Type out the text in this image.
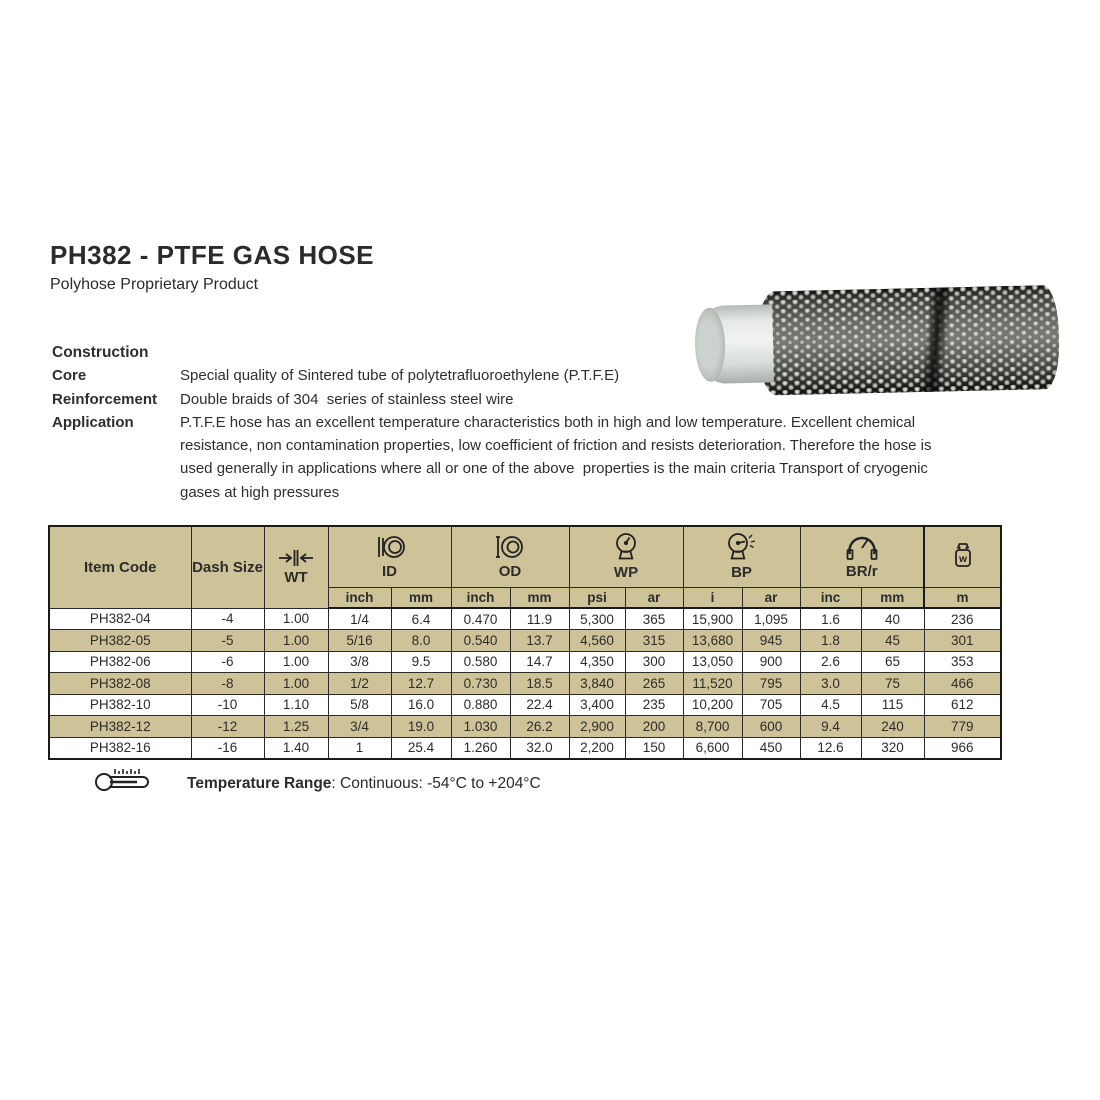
PH382 - PTFE GAS HOSE
Polyhose Proprietary Product
Construction
Core	Special quality of Sintered tube of polytetrafluoroethylene (P.T.F.E)
Reinforcement	Double braids of 304  series of stainless steel wire
Application	P.T.F.E hose has an excellent temperature characteristics both in high and low temperature. Excellent chemical resistance, non contamination properties, low coefficient of friction and resists deterioration. Therefore the hose is used generally in applications where all or one of the above  properties is the main criteria Transport of cryogenic gases at high pressures
Item Code	Dash Size	WT	ID		OD		WP		BP		BR/r		w

			inch	mm	inch	mm	psi	ar	i	ar	inc	mm	m
PH382-04	-4	1.00	1/4	6.4	0.470	11.9	5,300	365	15,900	1,095	1.6	40	236
PH382-05	-5	1.00	5/16	8.0	0.540	13.7	4,560	315	13,680	945	1.8	45	301
PH382-06	-6	1.00	3/8	9.5	0.580	14.7	4,350	300	13,050	900	2.6	65	353
PH382-08	-8	1.00	1/2	12.7	0.730	18.5	3,840	265	11,520	795	3.0	75	466
PH382-10	-10	1.10	5/8	16.0	0.880	22.4	3,400	235	10,200	705	4.5	115	612
PH382-12	-12	1.25	3/4	19.0	1.030	26.2	2,900	200	8,700	600	9.4	240	779
PH382-16	-16	1.40	1	25.4	1.260	32.0	2,200	150	6,600	450	12.6	320	966
Temperature Range: Continuous: -54°C to +204°C
